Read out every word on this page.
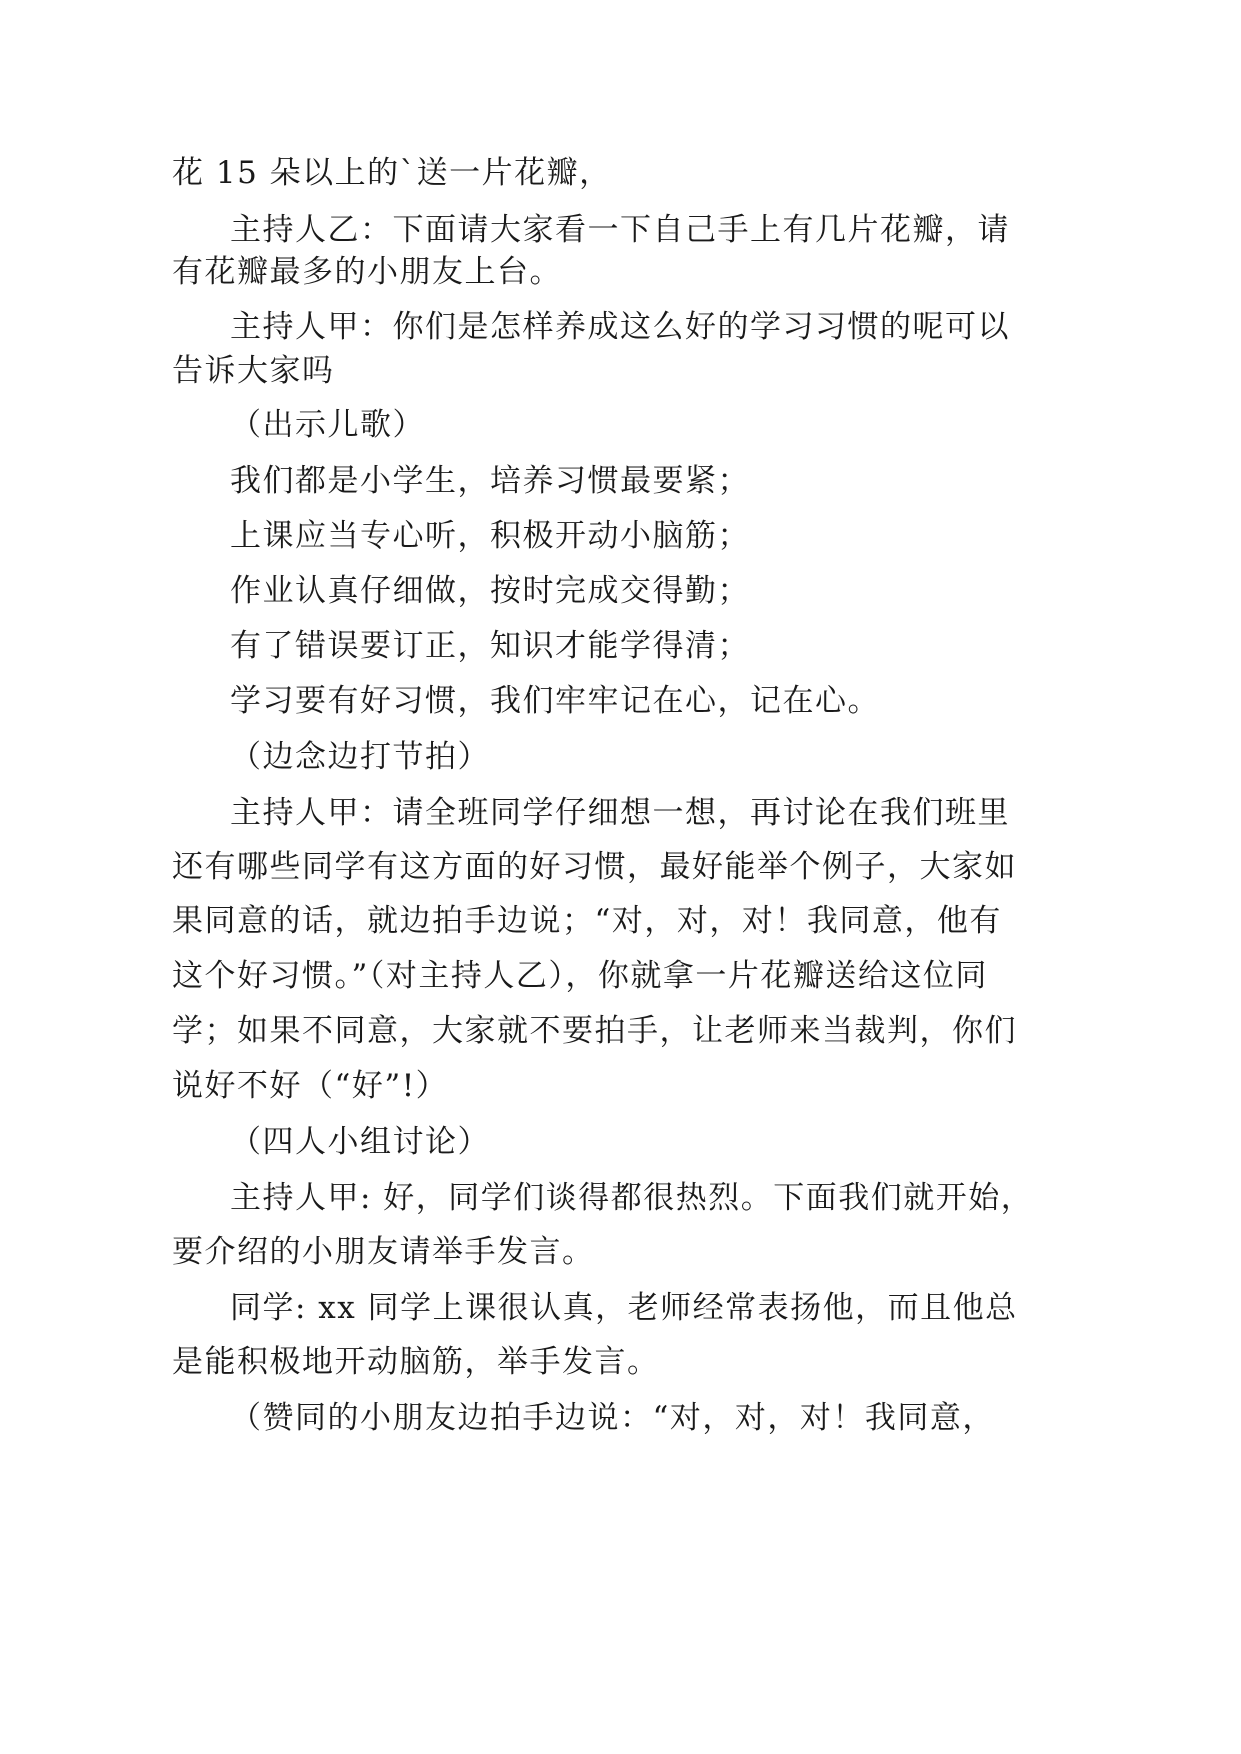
花 15 朵以上的`送一片花瓣，
主持人乙：下面请大家看一下自己手上有几片花瓣，请
有花瓣最多的小朋友上台。
主持人甲：你们是怎样养成这么好的学习习惯的呢可以
告诉大家吗
（出示儿歌）
我们都是小学生，培养习惯最要紧；
上课应当专心听，积极开动小脑筋；
作业认真仔细做，按时完成交得勤；
有了错误要订正，知识才能学得清；
学习要有好习惯，我们牢牢记在心，记在心。
（边念边打节拍）
主持人甲：请全班同学仔细想一想，再讨论在我们班里
还有哪些同学有这方面的好习惯，最好能举个例子，大家如
果同意的话，就边拍手边说；“对，对，对！我同意，他有
这个好习惯。”（对主持人乙），你就拿一片花瓣送给这位同
学；如果不同意，大家就不要拍手，让老师来当裁判，你们
说好不好（“好”!）
（四人小组讨论）
主持人甲: 好，同学们谈得都很热烈。下面我们就开始，
要介绍的小朋友请举手发言。
同学: xx 同学上课很认真，老师经常表扬他，而且他总
是能积极地开动脑筋，举手发言。
（赞同的小朋友边拍手边说：“对，对，对！我同意，
